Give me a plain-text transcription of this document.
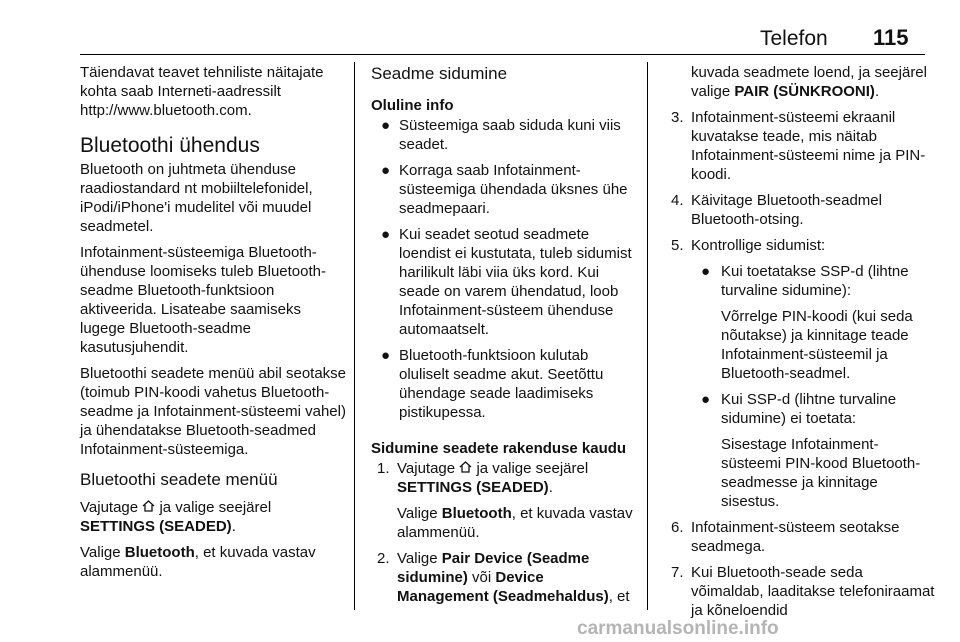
Telefon 115

Täiendavat teavet tehniliste näitajate kohta saab Interneti-aadressilt http://www.bluetooth.com.

Bluetoothi ühendus

Bluetooth on juhtmeta ühenduse raadiostandard nt mobiiltelefonidel, iPodi/iPhone'i mudelitel või muudel seadmetel.

Infotainment-süsteemiga Bluetooth-ühenduse loomiseks tuleb Bluetooth-seadme Bluetooth-funktsioon aktiveerida. Lisateabe saamiseks lugege Bluetooth-seadme kasutusjuhendit.

Bluetoothi seadete menüü abil seotakse (toimub PIN-koodi vahetus Bluetooth-seadme ja Infotainment-süsteemi vahel) ja ühendatakse Bluetooth-seadmed Infotainment-süsteemiga.

Bluetoothi seadete menüü

Vajutage ja valige seejärel SETTINGS (SEADED).

Valige Bluetooth, et kuvada vastav alammenüü.

Seadme sidumine
Oluline info
● Süsteemiga saab siduda kuni viis seadet.
● Korraga saab Infotainment-süsteemiga ühendada üksnes ühe seadmepaari.
● Kui seadet seotud seadmete loendist ei kustutata, tuleb sidumist harilikult läbi viia üks kord. Kui seade on varem ühendatud, loob Infotainment-süsteem ühenduse automaatselt.
● Bluetooth-funktsioon kulutab oluliselt seadme akut. Seetõttu ühendage seade laadimiseks pistikupessa.
Sidumine seadete rakenduse kaudu
1. Vajutage ja valige seejärel SETTINGS (SEADED).

Valige Bluetooth, et kuvada vastav alammenüü.

2. Valige Pair Device (Seadme sidumine) või Device Management (Seadmehaldus), et

kuvada seadmete loend, ja seejärel valige PAIR (SÜNKROONI).

3. Infotainment-süsteemi ekraanil kuvatakse teade, mis näitab Infotainment-süsteemi nime ja PIN-koodi.

4. Käivitage Bluetooth-seadmel Bluetooth-otsing.

5. Kontrollige sidumist:

● Kui toetatakse SSP-d (lihtne turvaline sidumine):

Võrrelge PIN-koodi (kui seda nõutakse) ja kinnitage teade Infotainment-süsteemil ja Bluetooth-seadmel.

● Kui SSP-d (lihtne turvaline sidumine) ei toetata:

Sisestage Infotainment-süsteemi PIN-kood Bluetooth-seadmesse ja kinnitage sisestus.

6. Infotainment-süsteem seotakse seadmega.

7. Kui Bluetooth-seade seda võimaldab, laaditakse telefoniraamat ja kõneloendid

carmanualsonline.info
